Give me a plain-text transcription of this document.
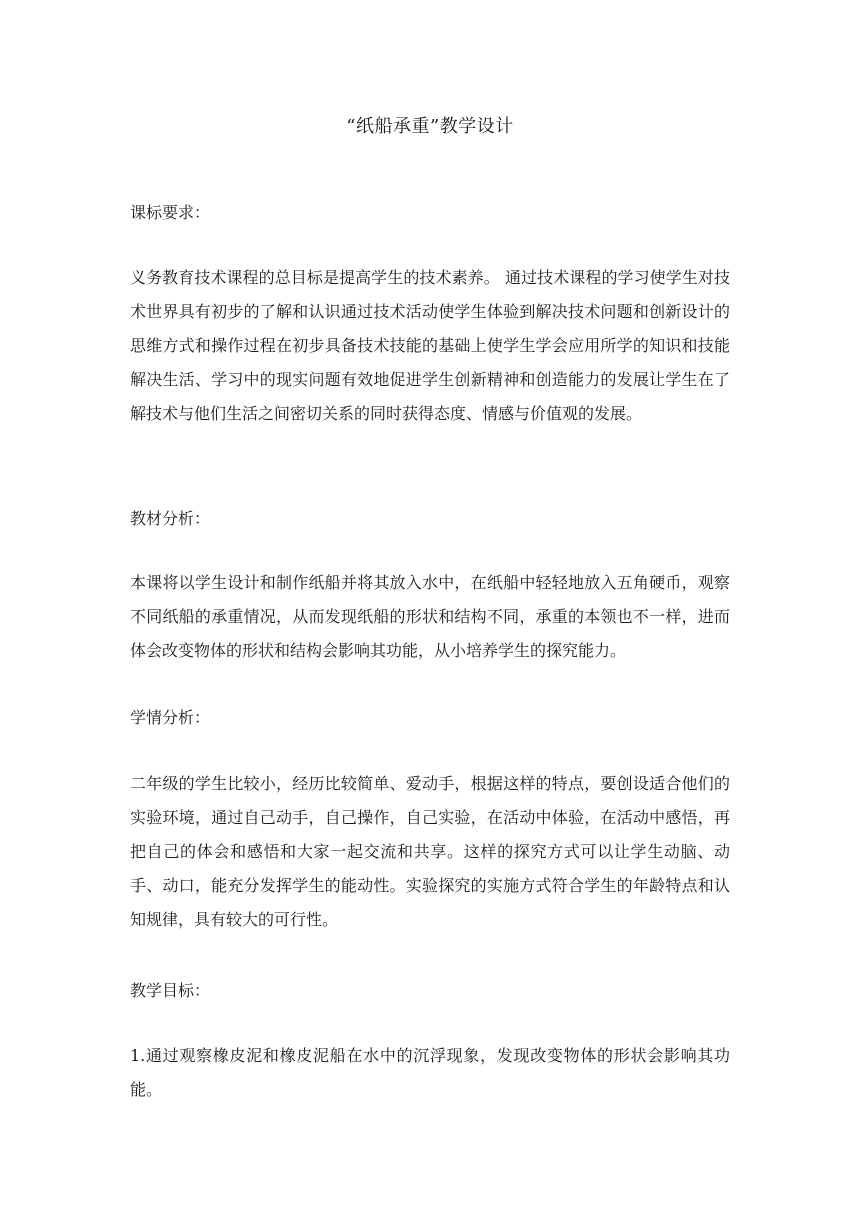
“纸船承重”教学设计
课标要求：
义务教育技术课程的总目标是提高学生的技术素养。 通过技术课程的学习使学生对技术世界具有初步的了解和认识通过技术活动使学生体验到解决技术问题和创新设计的思维方式和操作过程在初步具备技术技能的基础上使学生学会应用所学的知识和技能解决生活、学习中的现实问题有效地促进学生创新精神和创造能力的发展让学生在了解技术与他们生活之间密切关系的同时获得态度、情感与价值观的发展。
教材分析：
本课将以学生设计和制作纸船并将其放入水中，在纸船中轻轻地放入五角硬币，观察不同纸船的承重情况，从而发现纸船的形状和结构不同，承重的本领也不一样，进而体会改变物体的形状和结构会影响其功能，从小培养学生的探究能力。
学情分析：
二年级的学生比较小，经历比较简单、爱动手，根据这样的特点，要创设适合他们的实验环境，通过自己动手，自己操作，自己实验，在活动中体验，在活动中感悟，再把自己的体会和感悟和大家一起交流和共享。这样的探究方式可以让学生动脑、动手、动口，能充分发挥学生的能动性。实验探究的实施方式符合学生的年龄特点和认知规律，具有较大的可行性。
教学目标：
1.通过观察橡皮泥和橡皮泥船在水中的沉浮现象，发现改变物体的形状会影响其功能。
